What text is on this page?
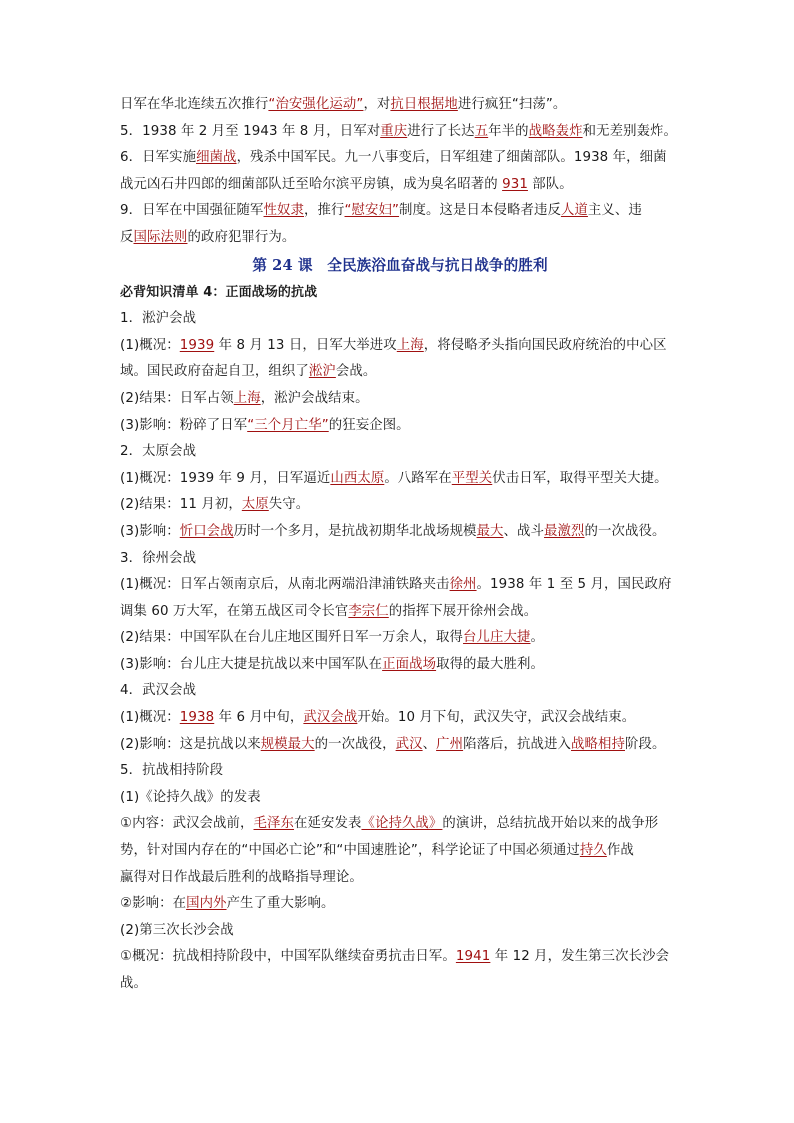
日军在华北连续五次推行“治安强化运动”，对抗日根据地进行疯狂“扫荡”。
5．1938 年 2 月至 1943 年 8 月，日军对重庆进行了长达五年半的战略轰炸和无差别轰炸。
6．日军实施细菌战，残杀中国军民。九一八事变后，日军组建了细菌部队。1938 年，细菌
战元凶石井四郎的细菌部队迁至哈尔滨平房镇，成为臭名昭著的 931 部队。
9．日军在中国强征随军性奴隶，推行“慰安妇”制度。这是日本侵略者违反人道主义、违
反国际法则的政府犯罪行为。
第 24 课　全民族浴血奋战与抗日战争的胜利
必背知识清单 4：正面战场的抗战
1．淞沪会战
(1)概况：1939 年 8 月 13 日，日军大举进攻上海，将侵略矛头指向国民政府统治的中心区
域。国民政府奋起自卫，组织了淞沪会战。
(2)结果：日军占领上海，淞沪会战结束。
(3)影响：粉碎了日军“三个月亡华”的狂妄企图。
2．太原会战
(1)概况：1939 年 9 月，日军逼近山西太原。八路军在平型关伏击日军，取得平型关大捷。
(2)结果：11 月初，太原失守。
(3)影响：忻口会战历时一个多月，是抗战初期华北战场规模最大、战斗最激烈的一次战役。
3．徐州会战
(1)概况：日军占领南京后，从南北两端沿津浦铁路夹击徐州。1938 年 1 至 5 月，国民政府
调集 60 万大军，在第五战区司令长官李宗仁的指挥下展开徐州会战。
(2)结果：中国军队在台儿庄地区围歼日军一万余人，取得台儿庄大捷。
(3)影响：台儿庄大捷是抗战以来中国军队在正面战场取得的最大胜利。
4．武汉会战
(1)概况：1938 年 6 月中旬，武汉会战开始。10 月下旬，武汉失守，武汉会战结束。
(2)影响：这是抗战以来规模最大的一次战役，武汉、广州陷落后，抗战进入战略相持阶段。
5．抗战相持阶段
(1)《论持久战》的发表
①内容：武汉会战前，毛泽东在延安发表《论持久战》的演讲，总结抗战开始以来的战争形
势，针对国内存在的“中国必亡论”和“中国速胜论”，科学论证了中国必须通过持久作战
赢得对日作战最后胜利的战略指导理论。
②影响：在国内外产生了重大影响。
(2)第三次长沙会战
①概况：抗战相持阶段中，中国军队继续奋勇抗击日军。1941 年 12 月，发生第三次长沙会
战。
